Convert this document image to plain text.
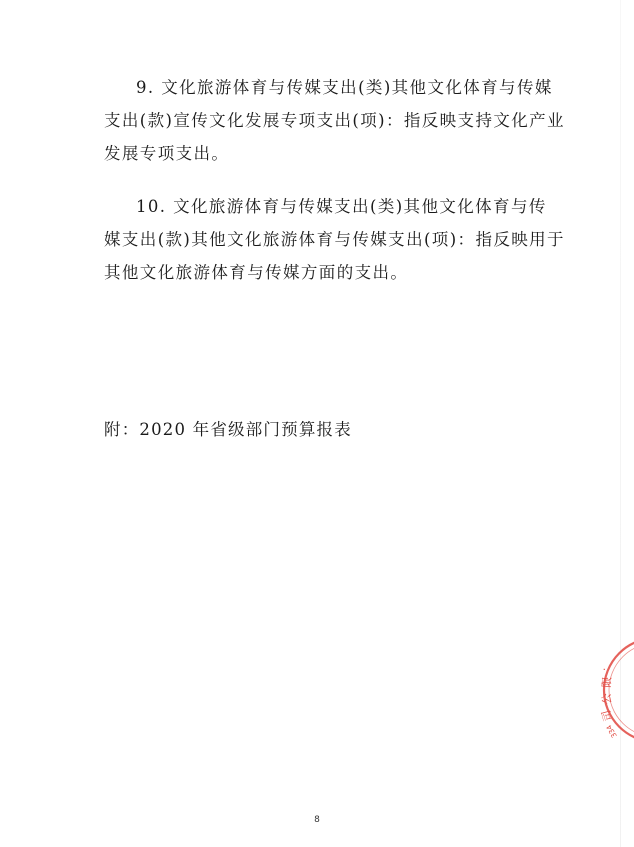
9. 文化旅游体育与传媒支出(类)其他文化体育与传媒
支出(款)宣传文化发展专项支出(项)：指反映支持文化产业
发展专项支出。
10. 文化旅游体育与传媒支出(类)其他文化体育与传
媒支出(款)其他文化旅游体育与传媒支出(项)：指反映用于
其他文化旅游体育与传媒方面的支出。
附：2020 年省级部门预算报表
·
限
公
司
334
8
